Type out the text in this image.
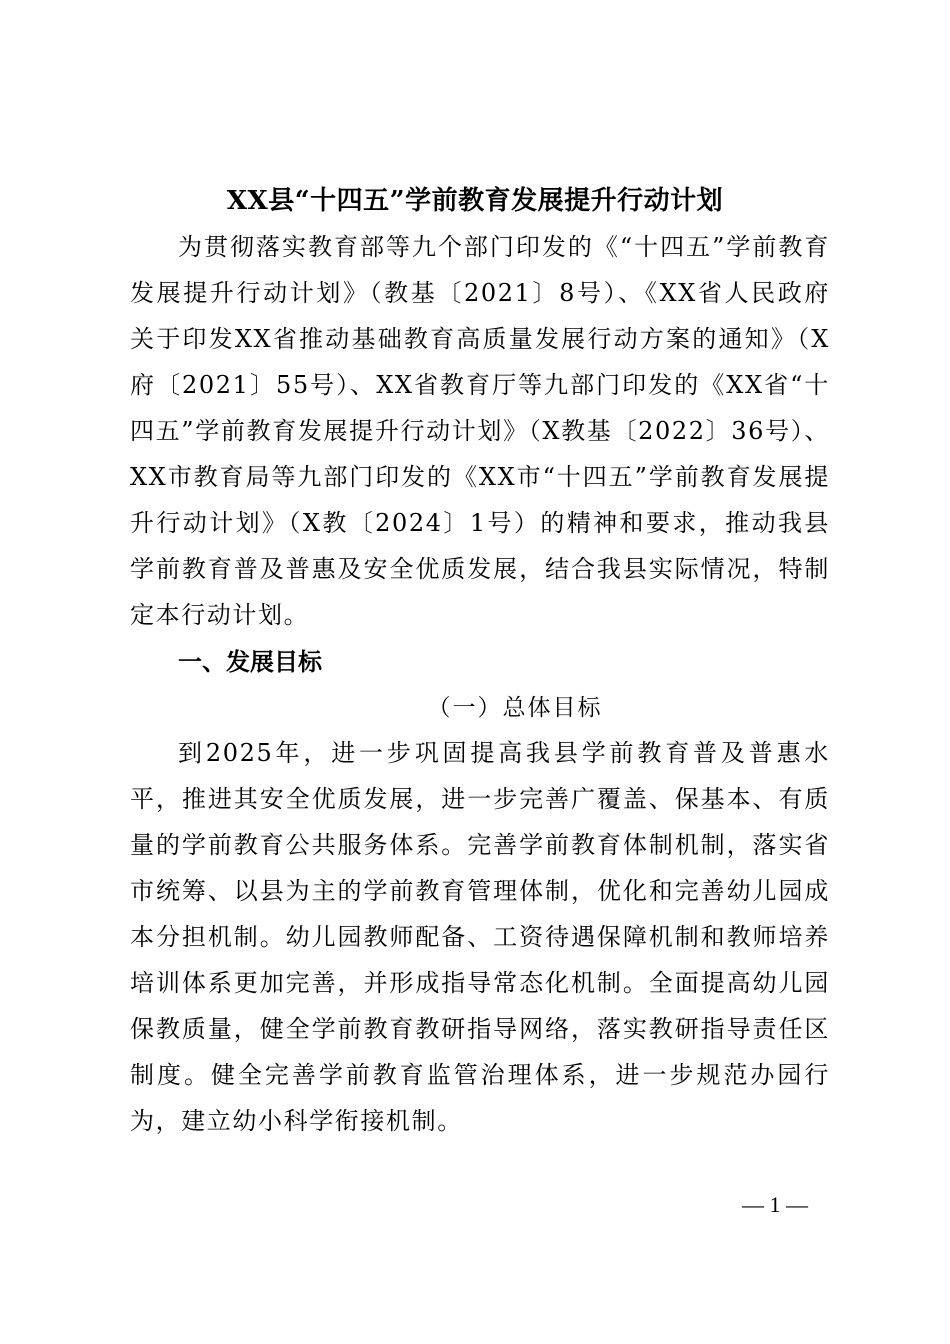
XX县“十四五”学前教育发展提升行动计划

为贯彻落实教育部等九个部门印发的《“十四五”学前教育发展提升行动计划》（教基〔2021〕8号）、《XX省人民政府关于印发XX省推动基础教育高质量发展行动方案的通知》（X府〔2021〕55号）、XX省教育厅等九部门印发的《XX省“十四五”学前教育发展提升行动计划》（X教基〔2022〕36号）、XX市教育局等九部门印发的《XX市“十四五”学前教育发展提升行动计划》（X教〔2024〕1号）的精神和要求，推动我县学前教育普及普惠及安全优质发展，结合我县实际情况，特制定本行动计划。

一、发展目标
（一）总体目标

到2025年，进一步巩固提高我县学前教育普及普惠水平，推进其安全优质发展，进一步完善广覆盖、保基本、有质量的学前教育公共服务体系。完善学前教育体制机制，落实省市统筹、以县为主的学前教育管理体制，优化和完善幼儿园成本分担机制。幼儿园教师配备、工资待遇保障机制和教师培养培训体系更加完善，并形成指导常态化机制。全面提高幼儿园保教质量，健全学前教育教研指导网络，落实教研指导责任区制度。健全完善学前教育监管治理体系，进一步规范办园行为，建立幼小科学衔接机制。

— 1 —
